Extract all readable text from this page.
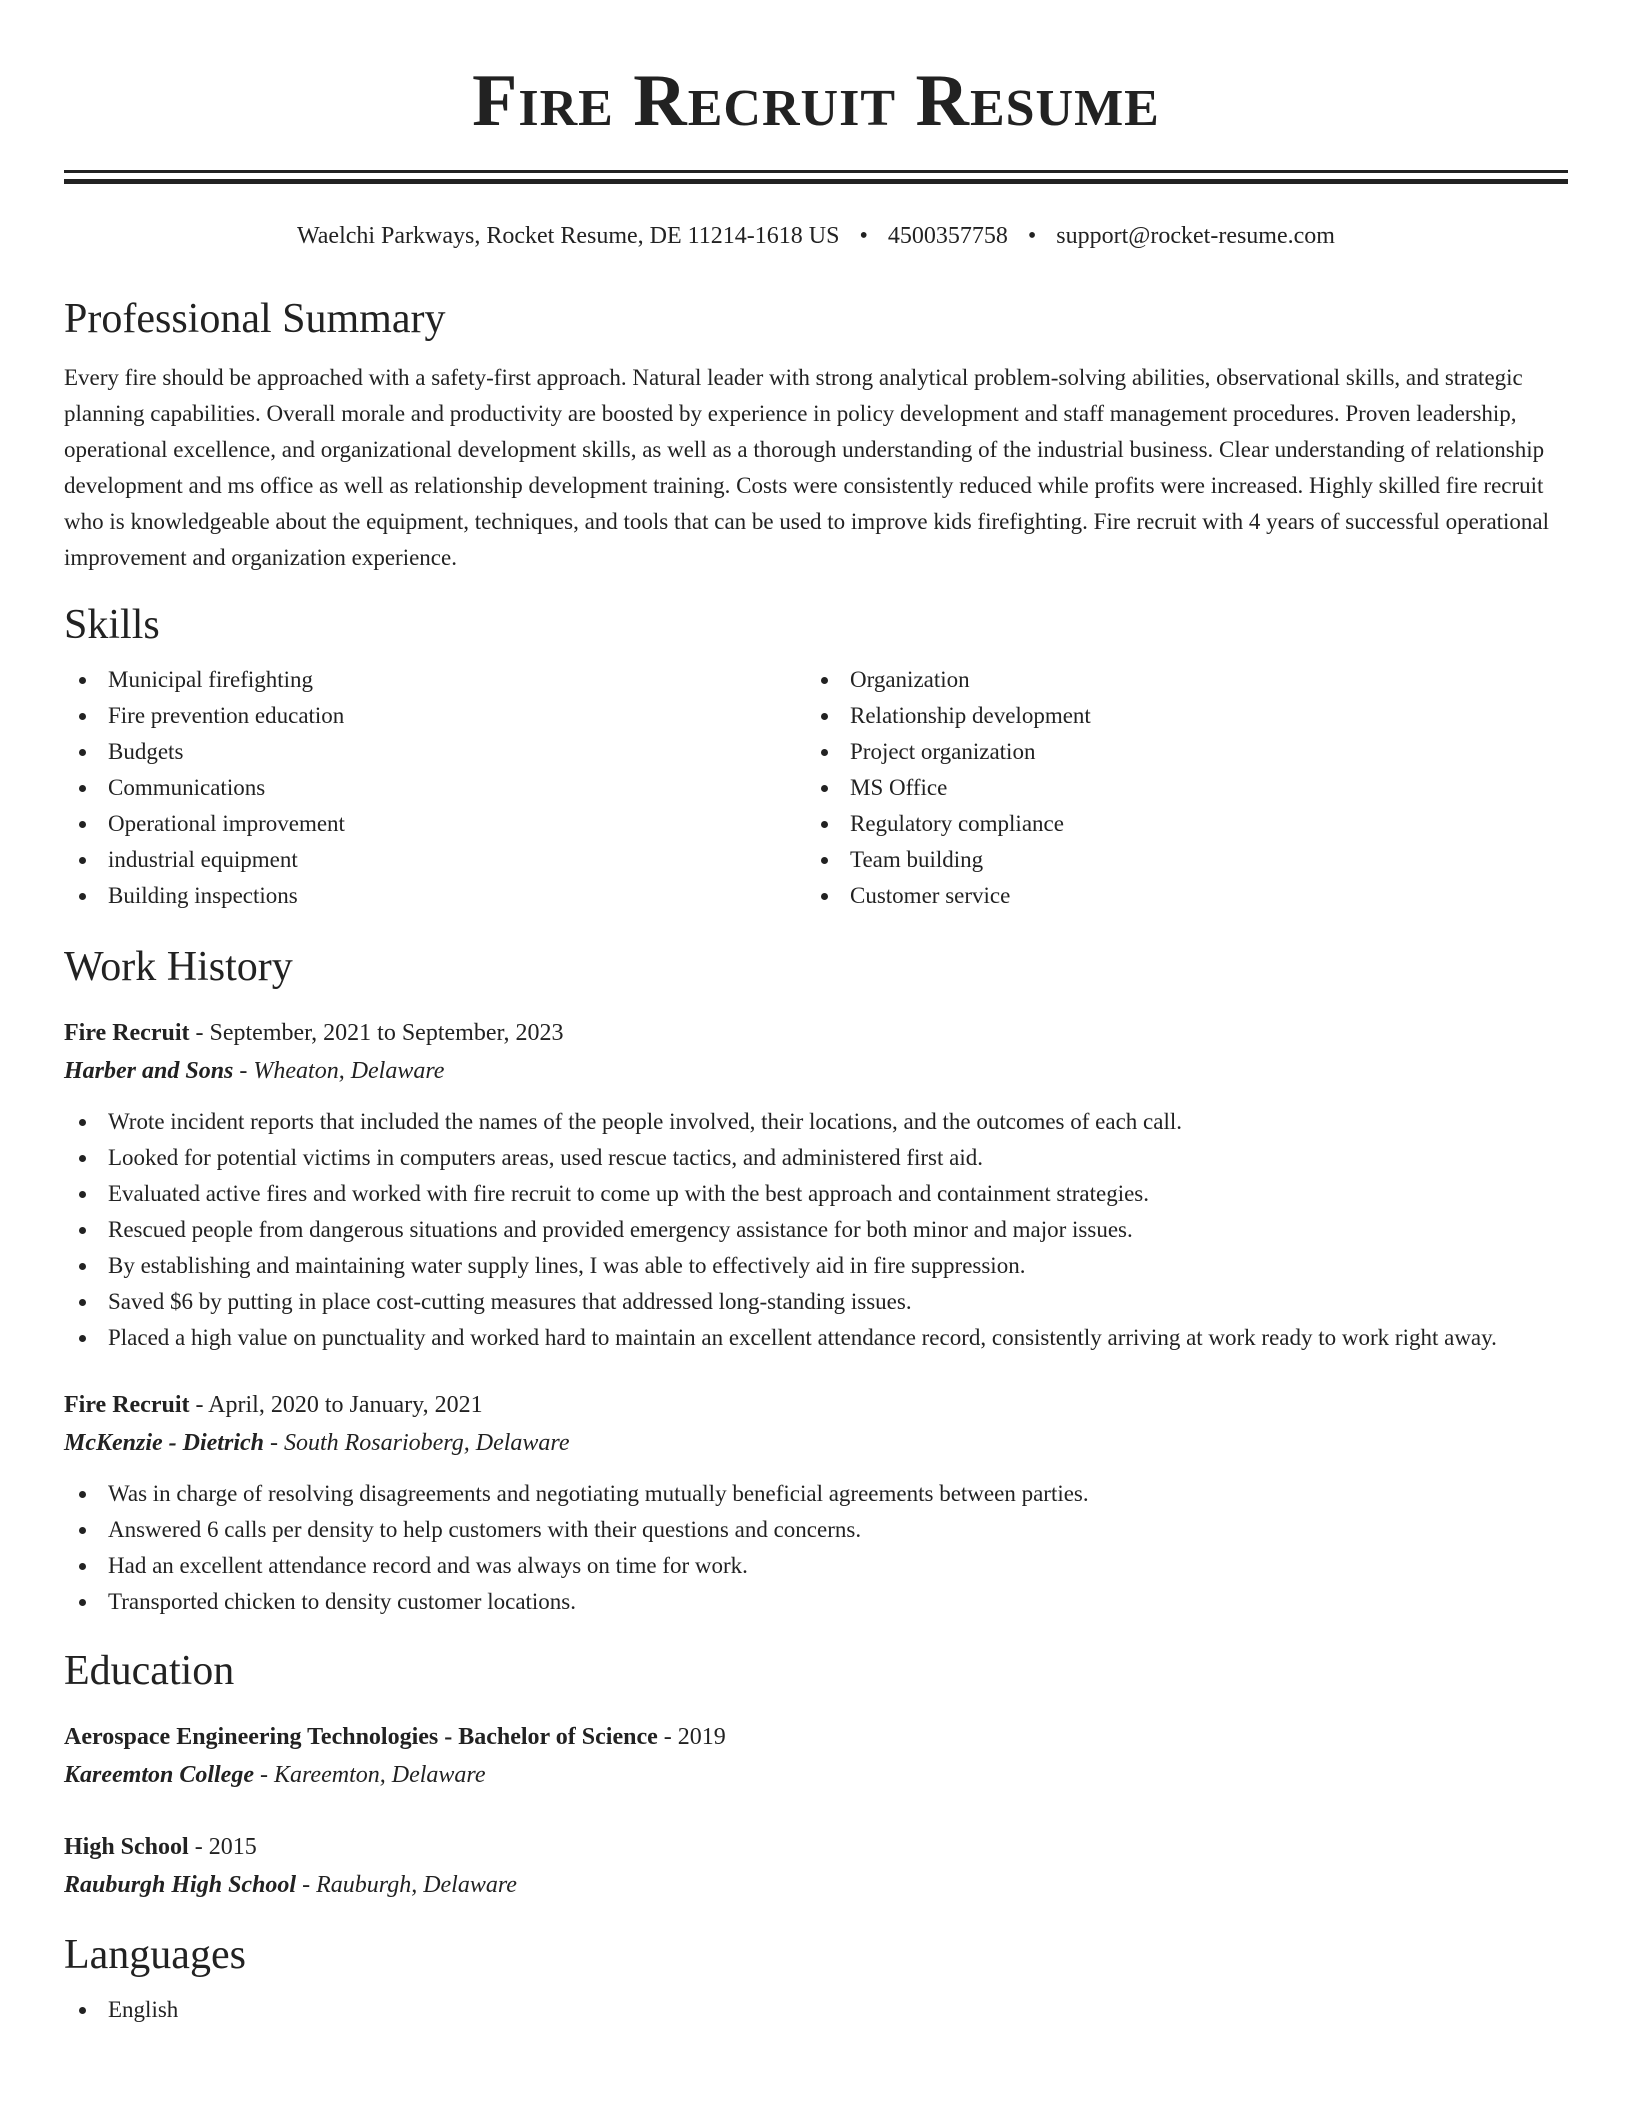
Fire Recruit Resume
Waelchi Parkways, Rocket Resume, DE 11214-1618 US • 4500357758 • support@rocket-resume.com
Professional Summary

Every fire should be approached with a safety-first approach. Natural leader with strong analytical problem-solving abilities, observational skills, and strategic planning capabilities. Overall morale and productivity are boosted by experience in policy development and staff management procedures. Proven leadership, operational excellence, and organizational development skills, as well as a thorough understanding of the industrial business. Clear understanding of relationship development and ms office as well as relationship development training. Costs were consistently reduced while profits were increased. Highly skilled fire recruit who is knowledgeable about the equipment, techniques, and tools that can be used to improve kids firefighting. Fire recruit with 4 years of successful operational improvement and organization experience.

Skills
Municipal firefighting
Fire prevention education
Budgets
Communications
Operational improvement
industrial equipment
Building inspections
Organization
Relationship development
Project organization
MS Office
Regulatory compliance
Team building
Customer service
Work History

Fire Recruit - September, 2021 to September, 2023

Harber and Sons - Wheaton, Delaware

Wrote incident reports that included the names of the people involved, their locations, and the outcomes of each call.
Looked for potential victims in computers areas, used rescue tactics, and administered first aid.
Evaluated active fires and worked with fire recruit to come up with the best approach and containment strategies.
Rescued people from dangerous situations and provided emergency assistance for both minor and major issues.
By establishing and maintaining water supply lines, I was able to effectively aid in fire suppression.
Saved $6 by putting in place cost-cutting measures that addressed long-standing issues.
Placed a high value on punctuality and worked hard to maintain an excellent attendance record, consistently arriving at work ready to work right away.

Fire Recruit - April, 2020 to January, 2021

McKenzie - Dietrich - South Rosarioberg, Delaware

Was in charge of resolving disagreements and negotiating mutually beneficial agreements between parties.
Answered 6 calls per density to help customers with their questions and concerns.
Had an excellent attendance record and was always on time for work.
Transported chicken to density customer locations.
Education

Aerospace Engineering Technologies - Bachelor of Science - 2019

Kareemton College - Kareemton, Delaware

High School - 2015

Rauburgh High School - Rauburgh, Delaware

Languages
English
